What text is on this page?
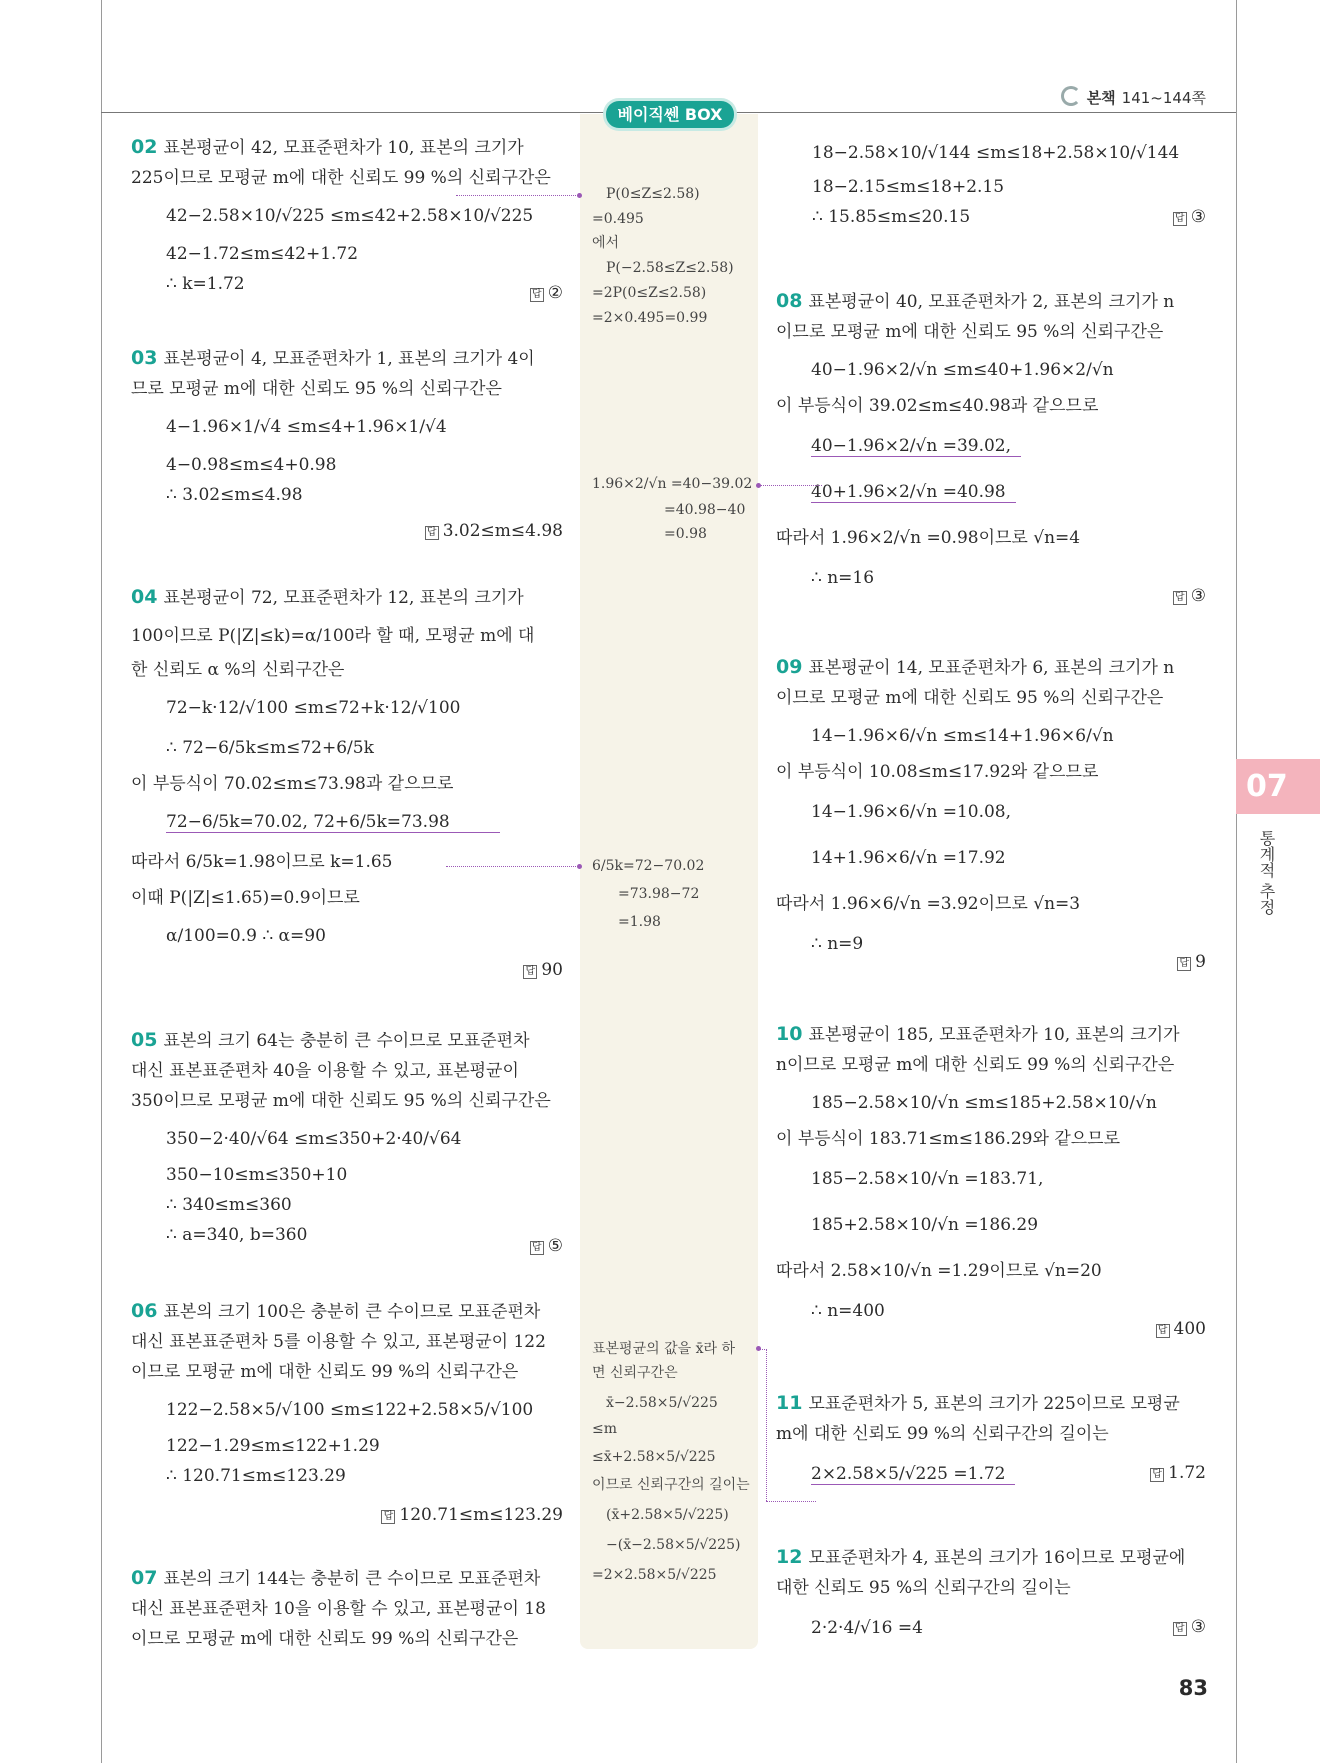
본책 141~144쪽
베이직쎈 BOX
02 표본평균이 42, 모표준편차가 10, 표본의 크기가
225이므로 모평균 m에 대한 신뢰도 99 %의 신뢰구간은
42−2.58×10/√225 ≤m≤42+2.58×10/√225
42−1.72≤m≤42+1.72
∴ k=1.72
답 ②
03 표본평균이 4, 모표준편차가 1, 표본의 크기가 4이
므로 모평균 m에 대한 신뢰도 95 %의 신뢰구간은
4−1.96×1/√4 ≤m≤4+1.96×1/√4
4−0.98≤m≤4+0.98
∴ 3.02≤m≤4.98
답 3.02≤m≤4.98
04 표본평균이 72, 모표준편차가 12, 표본의 크기가
100이므로 P(|Z|≤k)=α/100라 할 때, 모평균 m에 대
한 신뢰도 α %의 신뢰구간은
72−k·12/√100 ≤m≤72+k·12/√100
∴ 72−6/5k≤m≤72+6/5k
이 부등식이 70.02≤m≤73.98과 같으므로
72−6/5k=70.02, 72+6/5k=73.98
따라서 6/5k=1.98이므로 k=1.65
이때 P(|Z|≤1.65)=0.9이므로
α/100=0.9 ∴ α=90
답 90
05 표본의 크기 64는 충분히 큰 수이므로 모표준편차
대신 표본표준편차 40을 이용할 수 있고, 표본평균이
350이므로 모평균 m에 대한 신뢰도 95 %의 신뢰구간은
350−2·40/√64 ≤m≤350+2·40/√64
350−10≤m≤350+10
∴ 340≤m≤360
∴ a=340, b=360
답 ⑤
06 표본의 크기 100은 충분히 큰 수이므로 모표준편차
대신 표본표준편차 5를 이용할 수 있고, 표본평균이 122
이므로 모평균 m에 대한 신뢰도 99 %의 신뢰구간은
122−2.58×5/√100 ≤m≤122+2.58×5/√100
122−1.29≤m≤122+1.29
∴ 120.71≤m≤123.29
답 120.71≤m≤123.29
07 표본의 크기 144는 충분히 큰 수이므로 모표준편차
대신 표본표준편차 10을 이용할 수 있고, 표본평균이 18
이므로 모평균 m에 대한 신뢰도 99 %의 신뢰구간은
18−2.58×10/√144 ≤m≤18+2.58×10/√144
18−2.15≤m≤18+2.15
∴ 15.85≤m≤20.15	답 ③
08 표본평균이 40, 모표준편차가 2, 표본의 크기가 n
이므로 모평균 m에 대한 신뢰도 95 %의 신뢰구간은
40−1.96×2/√n ≤m≤40+1.96×2/√n
이 부등식이 39.02≤m≤40.98과 같으므로
40−1.96×2/√n =39.02,
40+1.96×2/√n =40.98
따라서 1.96×2/√n =0.98이므로 √n=4
∴ n=16
답 ③
09 표본평균이 14, 모표준편차가 6, 표본의 크기가 n
이므로 모평균 m에 대한 신뢰도 95 %의 신뢰구간은
14−1.96×6/√n ≤m≤14+1.96×6/√n
이 부등식이 10.08≤m≤17.92와 같으므로
14−1.96×6/√n =10.08,
14+1.96×6/√n =17.92
따라서 1.96×6/√n =3.92이므로 √n=3
∴ n=9
답 9
10 표본평균이 185, 모표준편차가 10, 표본의 크기가
n이므로 모평균 m에 대한 신뢰도 99 %의 신뢰구간은
185−2.58×10/√n ≤m≤185+2.58×10/√n
이 부등식이 183.71≤m≤186.29와 같으므로
185−2.58×10/√n =183.71,
185+2.58×10/√n =186.29
따라서 2.58×10/√n =1.29이므로 √n=20
∴ n=400
답 400
11 모표준편차가 5, 표본의 크기가 225이므로 모평균
m에 대한 신뢰도 99 %의 신뢰구간의 길이는
2×2.58×5/√225 =1.72	답 1.72
12 모표준편차가 4, 표본의 크기가 16이므로 모평균에
대한 신뢰도 95 %의 신뢰구간의 길이는
2·2·4/√16 =4	답 ③
P(0≤Z≤2.58)
=0.495
에서
P(−2.58≤Z≤2.58)
=2P(0≤Z≤2.58)
=2×0.495=0.99
1.96×2/√n =40−39.02
=40.98−40
=0.98
6/5k=72−70.02
=73.98−72
=1.98
표본평균의 값을 x̄라 하
면 신뢰구간은
x̄−2.58×5/√225
≤m
≤x̄+2.58×5/√225
이므로 신뢰구간의 길이는
(x̄+2.58×5/√225)
−(x̄−2.58×5/√225)
=2×2.58×5/√225
07
통계적 추정
83
